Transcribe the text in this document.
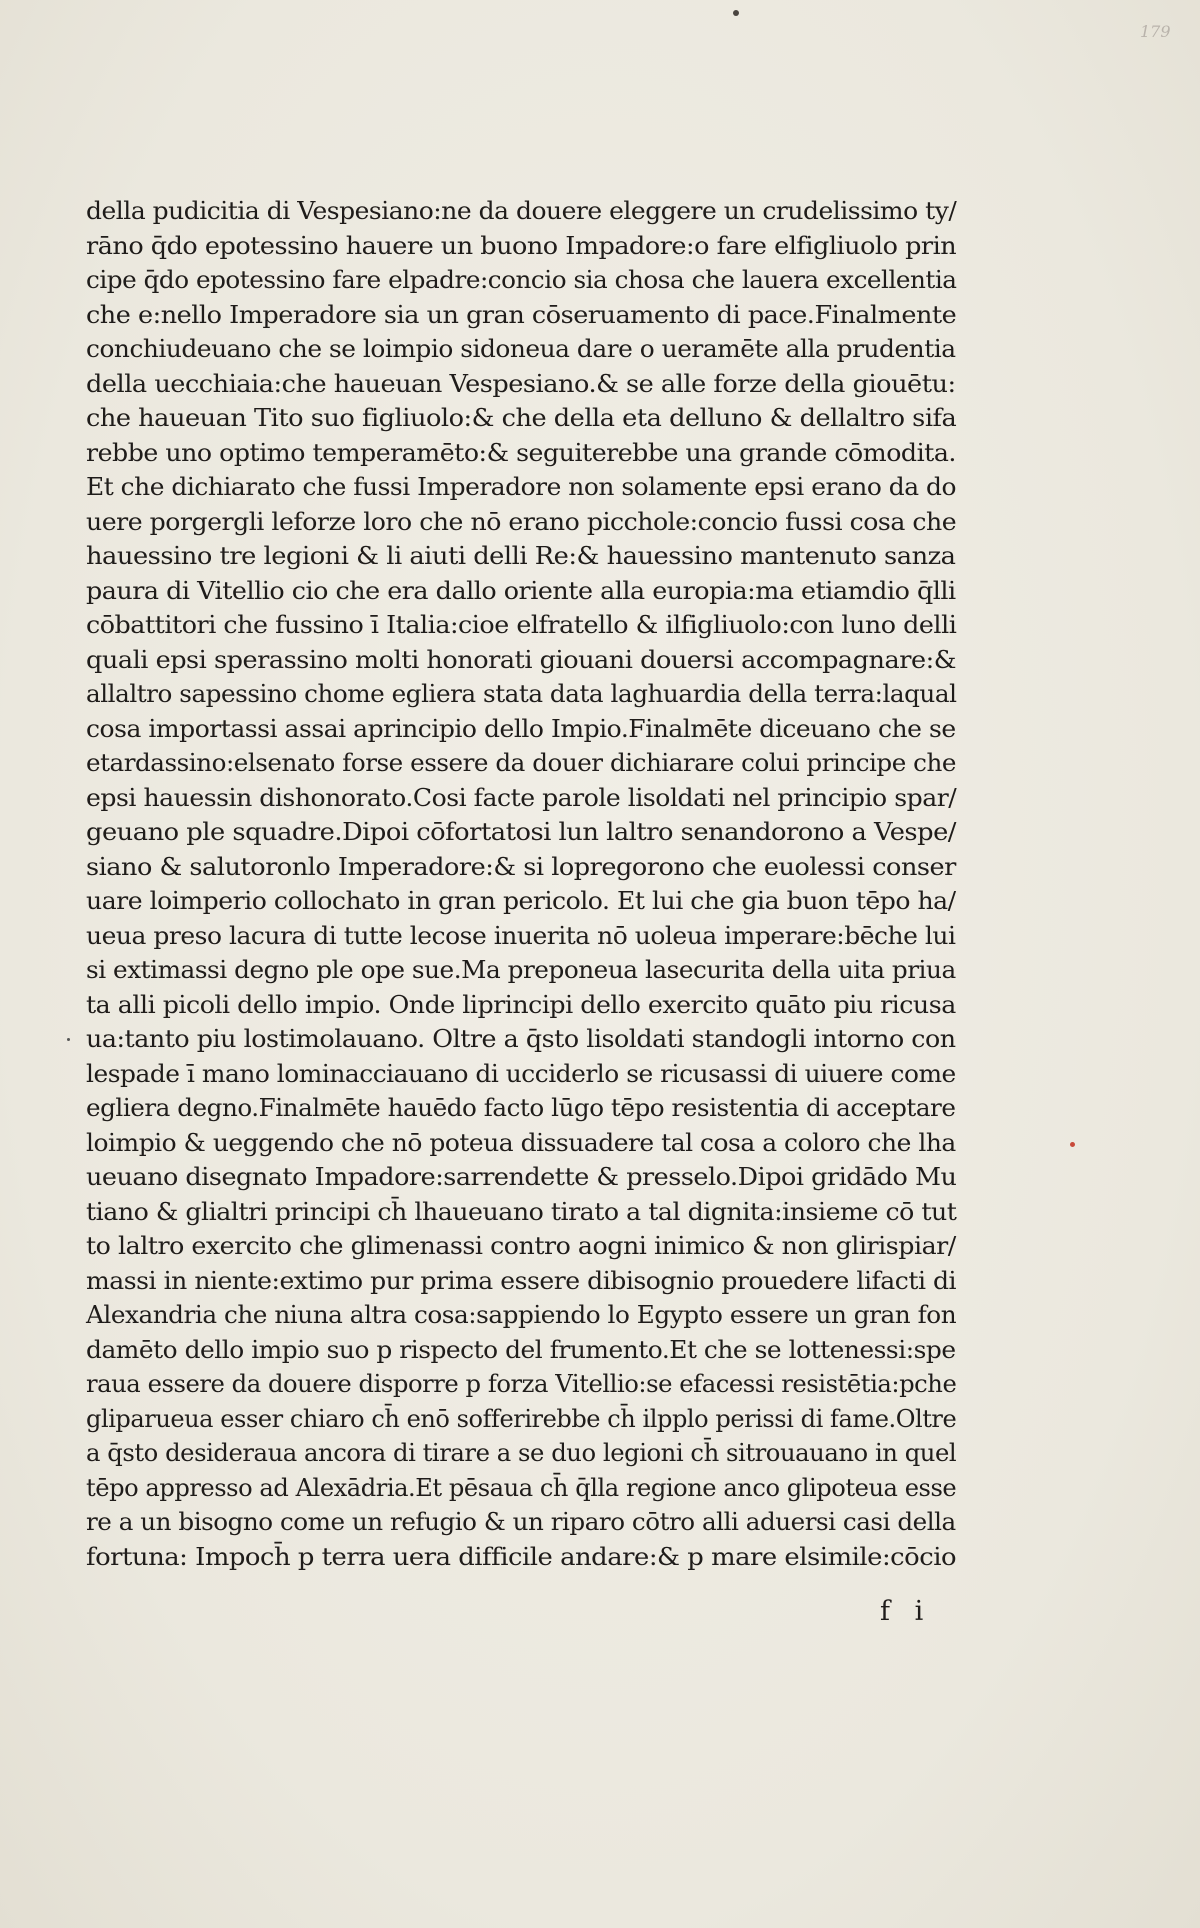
179
della pudicitia di Vespesiano:ne da douere eleggere un crudelissimo ty/
rāno q̄do epotessino hauere un buono Impadore:o fare elfigliuolo prin
cipe q̄do epotessino fare elpadre:concio sia chosa che lauera excellentia
che e:nello Imperadore sia un gran cōseruamento di pace.Finalmente
conchiudeuano che se loimpio sidoneua dare o ueramēte alla prudentia
della uecchiaia:che haueuan Vespesiano.& se alle forze della giouētu:
che haueuan Tito suo figliuolo:& che della eta delluno & dellaltro sifa
rebbe uno optimo temperamēto:& seguiterebbe una grande cōmodita.
Et che dichiarato che fussi Imperadore non solamente epsi erano da do
uere porgergli leforze loro che nō erano picchole:concio fussi cosa che
hauessino tre legioni & li aiuti delli Re:& hauessino mantenuto sanza
paura di Vitellio cio che era dallo oriente alla europia:ma etiamdio q̄lli
cōbattitori che fussino ī Italia:cioe elfratello & ilfigliuolo:con luno delli
quali epsi sperassino molti honorati giouani douersi accompagnare:&
allaltro sapessino chome egliera stata data laghuardia della terra:laqual
cosa importassi assai aprincipio dello Impio.Finalmēte diceuano che se
etardassino:elsenato forse essere da douer dichiarare colui principe che
epsi hauessin dishonorato.Cosi facte parole lisoldati nel principio spar/
geuano ple squadre.Dipoi cōfortatosi lun laltro senandorono a Vespe/
siano & salutoronlo Imperadore:& si lopregorono che euolessi conser
uare loimperio collochato in gran pericolo. Et lui che gia buon tēpo ha/
ueua preso lacura di tutte lecose inuerita nō uoleua imperare:bēche lui
si extimassi degno ple ope sue.Ma preponeua lasecurita della uita priua
ta alli picoli dello impio. Onde liprincipi dello exercito quāto piu ricusa
ua:tanto piu lostimolauano. Oltre a q̄sto lisoldati standogli intorno con
lespade ī mano lominacciauano di ucciderlo se ricusassi di uiuere come
egliera degno.Finalmēte hauēdo facto lūgo tēpo resistentia di acceptare
loimpio & ueggendo che nō poteua dissuadere tal cosa a coloro che lha
ueuano disegnato Impadore:sarrendette & presselo.Dipoi gridādo Mu
tiano & glialtri principi ch̄ lhaueuano tirato a tal dignita:insieme cō tut
to laltro exercito che glimenassi contro aogni inimico & non glirispiar/
massi in niente:extimo pur prima essere dibisognio prouedere lifacti di
Alexandria che niuna altra cosa:sappiendo lo Egypto essere un gran fon
damēto dello impio suo p rispecto del frumento.Et che se lottenessi:spe
raua essere da douere disporre p forza Vitellio:se efacessi resistētia:pche
gliparueua esser chiaro ch̄ enō sofferirebbe ch̄ ilpplo perissi di fame.Oltre
a q̄sto desideraua ancora di tirare a se duo legioni ch̄ sitrouauano in quel
tēpo appresso ad Alexādria.Et pēsaua ch̄ q̄lla regione anco glipoteua esse
re a un bisogno come un refugio & un riparo cōtro alli aduersi casi della
fortuna: Impoch̄ p terra uera difficile andare:& p mare elsimile:cōcio
f i
